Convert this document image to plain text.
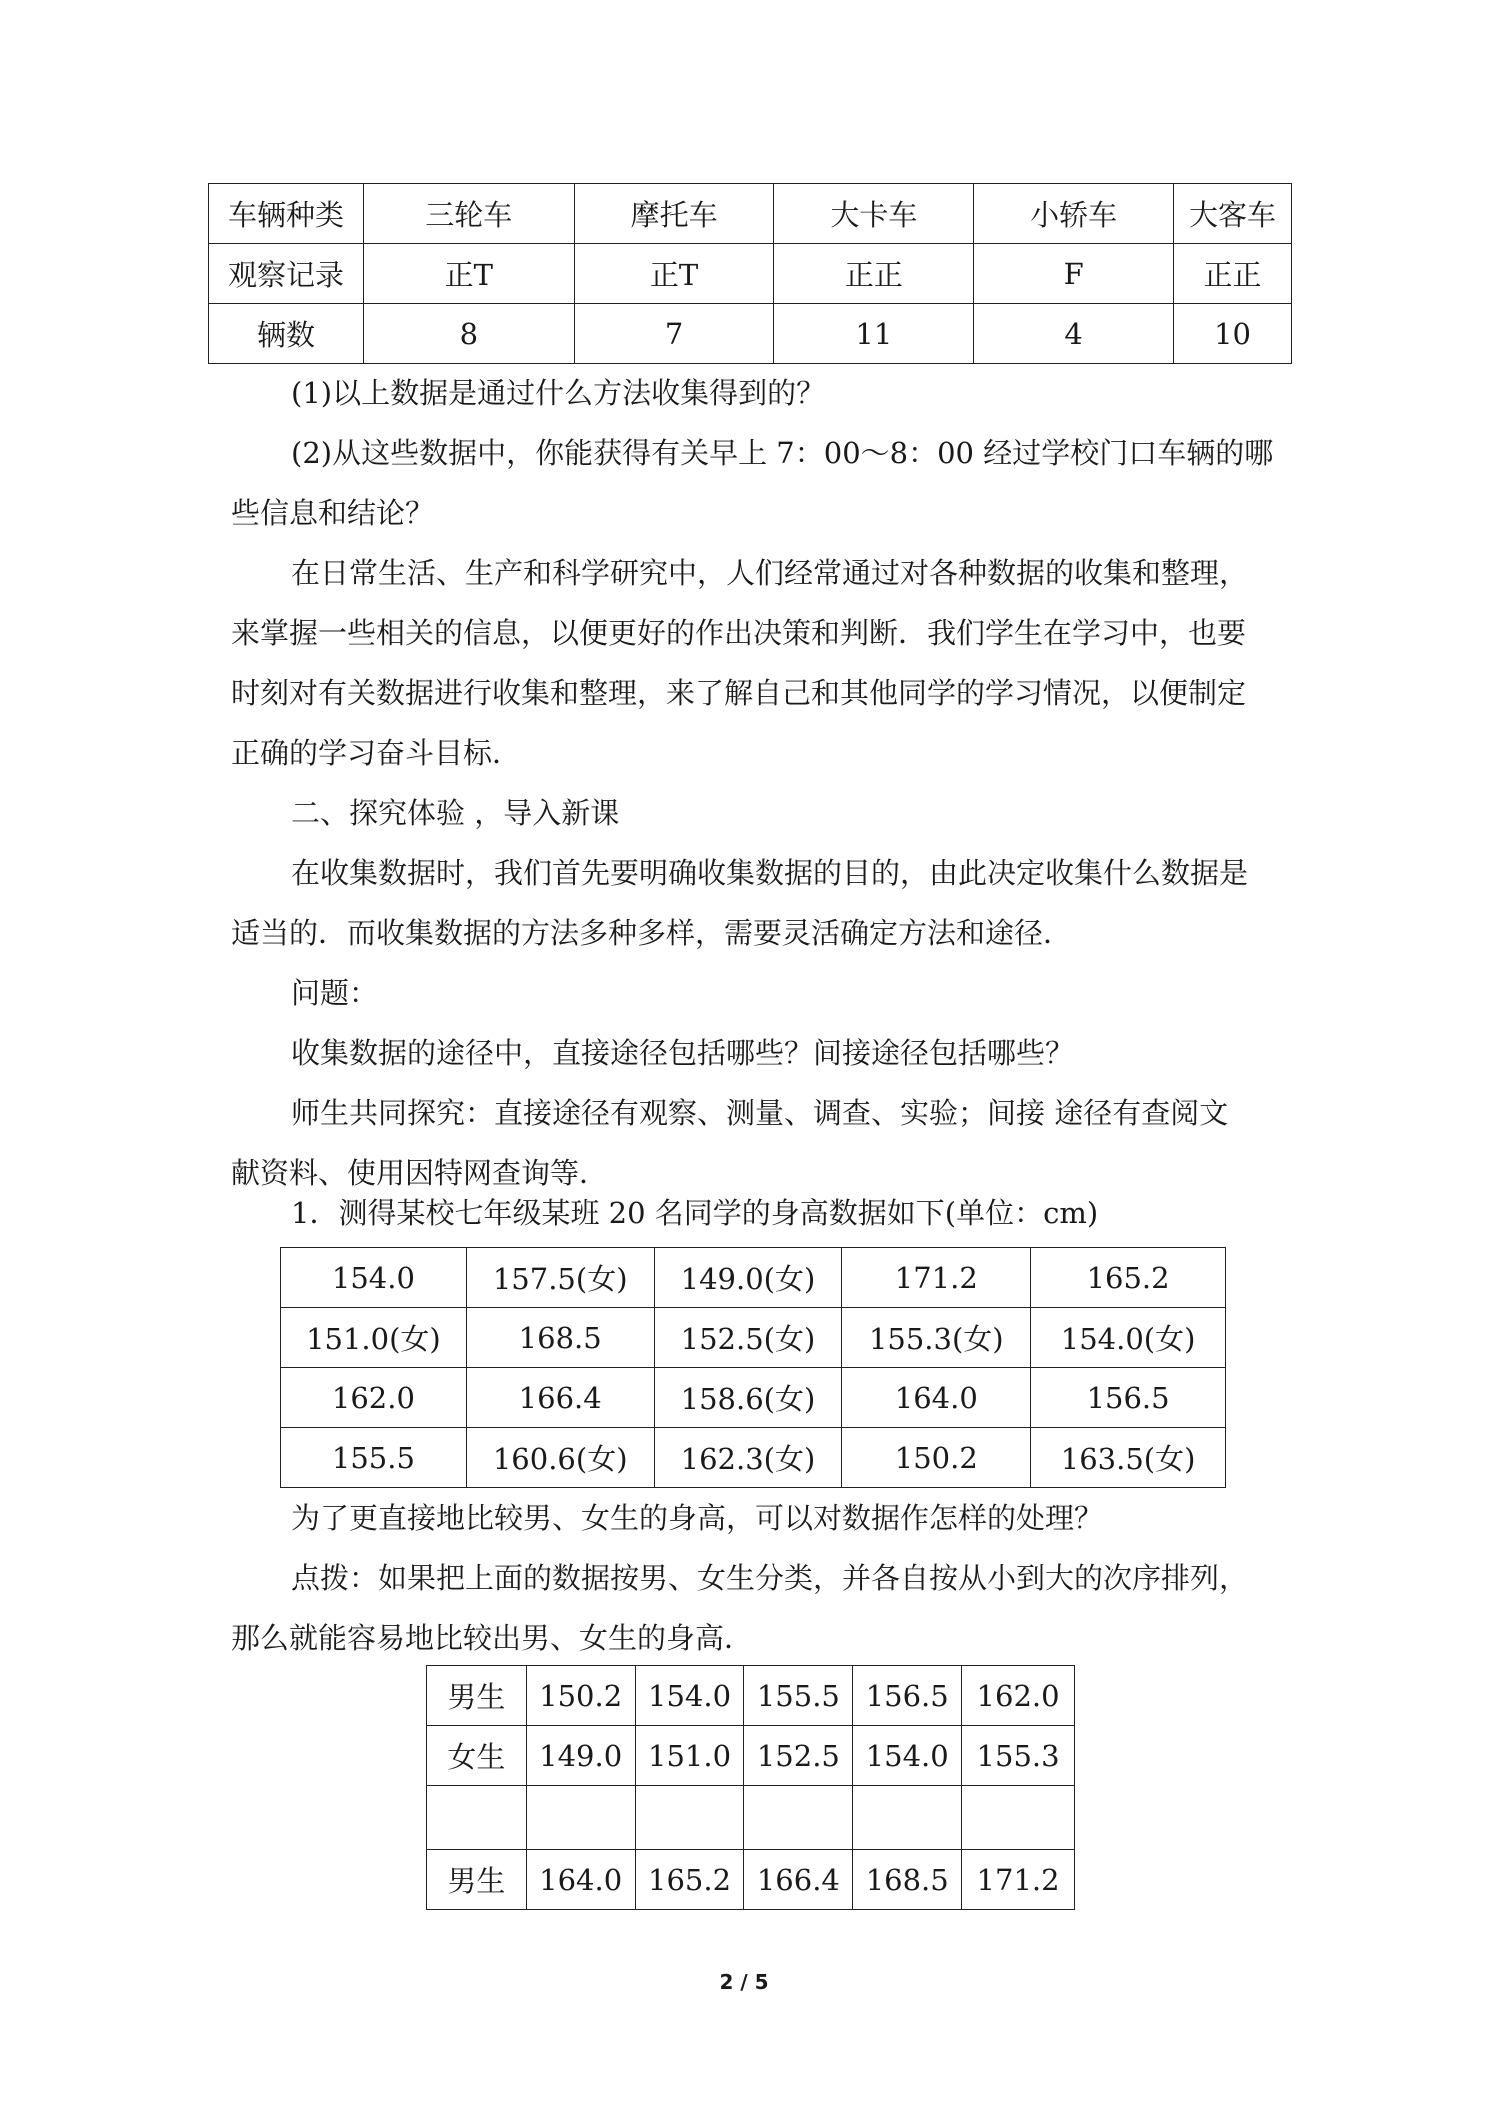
车辆种类	三轮车	摩托车	大卡车	小轿车	大客车
观察记录	正T	正T	正正	F	正正
辆数	8	7	11	4	10
(1)以上数据是通过什么方法收集得到的？
(2)从这些数据中，你能获得有关早上 7：00～8：00 经过学校门口车辆的哪
些信息和结论？
在日常生活、生产和科学研究中，人们经常通过对各种数据的收集和整理，
来掌握一些相关的信息，以便更好的作出决策和判断．我们学生在学习中，也要
时刻对有关数据进行收集和整理，来了解自己和其他同学的学习情况，以便制定
正确的学习奋斗目标．
二、探究体验 ，导入新课
在收集数据时，我们首先要明确收集数据的目的，由此决定收集什么数据是
适当的．而收集数据的方法多种多样，需要灵活确定方法和途径．
问题：
收集数据的途径中，直接途径包括哪些？间接途径包括哪些？
师生共同探究：直接途径有观察、测量、调查、实验；间接 途径有查阅文
献资料、使用因特网查询等．
1．测得某校七年级某班 20 名同学的身高数据如下(单位：cm)
154.0	157.5(女)	149.0(女)	171.2	165.2
151.0(女)	168.5	152.5(女)	155.3(女)	154.0(女)
162.0	166.4	158.6(女)	164.0	156.5
155.5	160.6(女)	162.3(女)	150.2	163.5(女)
为了更直接地比较男、女生的身高，可以对数据作怎样的处理？
点拨：如果把上面的数据按男、女生分类，并各自按从小到大的次序排列，
那么就能容易地比较出男、女生的身高．
男生	150.2	154.0	155.5	156.5	162.0
女生	149.0	151.0	152.5	154.0	155.3

男生	164.0	165.2	166.4	168.5	171.2
2 / 5
